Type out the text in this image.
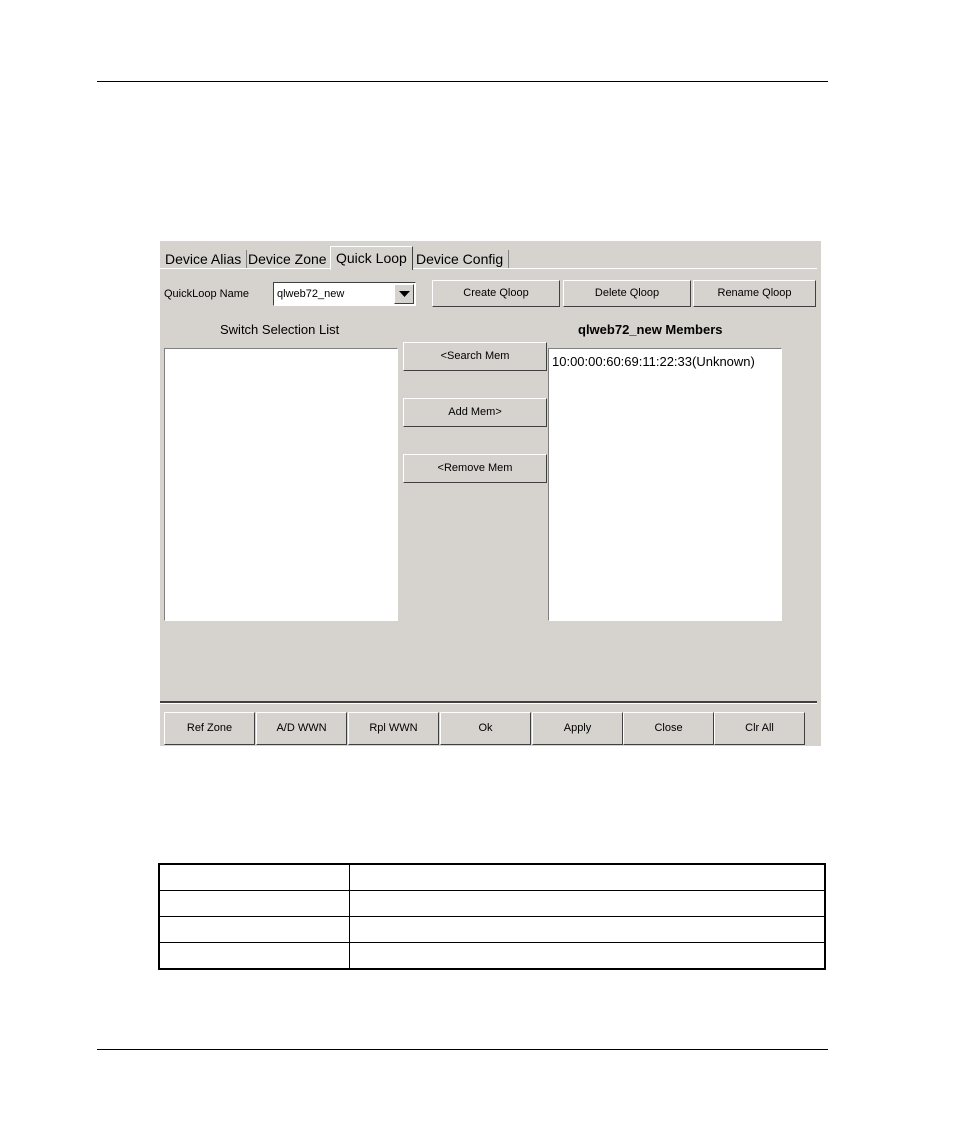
Device Alias Device Zone Quick Loop Device Config
QuickLoop Name	qlweb72_new	Create Qloop	Delete Qloop	Rename Qloop
Switch Selection List	qlweb72_new Members
<Search Mem
Add Mem>
<Remove Mem
10:00:00:60:69:11:22:33(Unknown)
Ref Zone	A/D WWN	Rpl WWN	Ok	Apply	Close	Clr All
